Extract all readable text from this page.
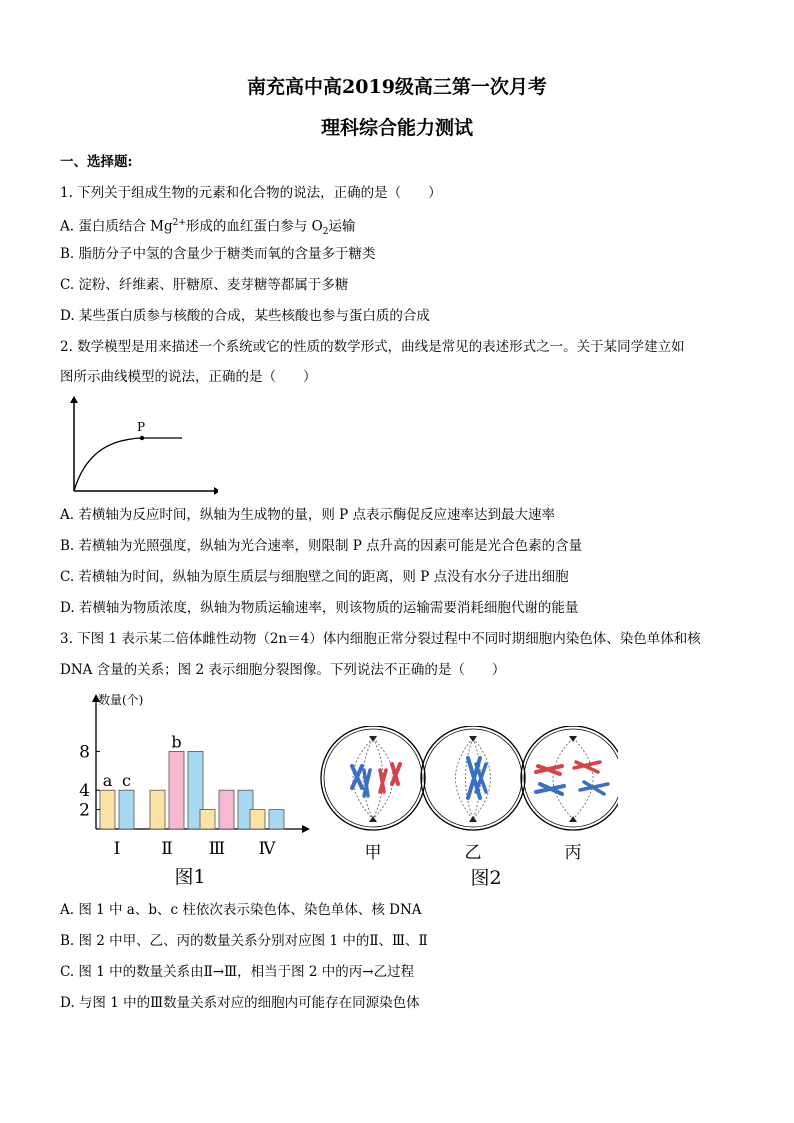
南充高中高2019级高三第一次月考
理科综合能力测试
一、选择题:
1. 下列关于组成生物的元素和化合物的说法，正确的是（　　）
A. 蛋白质结合 $Mg^{2+}$形成的血红蛋白参与 $O_2$运输
B. 脂肪分子中氢的含量少于糖类而氧的含量多于糖类
C. 淀粉、纤维素、肝糖原、麦芽糖等都属于多糖
D. 某些蛋白质参与核酸的合成，某些核酸也参与蛋白质的合成
2. 数学模型是用来描述一个系统或它的性质的数学形式，曲线是常见的表述形式之一。关于某同学建立如
图所示曲线模型的说法，正确的是（　　）
P
A. 若横轴为反应时间，纵轴为生成物的量，则 P 点表示酶促反应速率达到最大速率
B. 若横轴为光照强度，纵轴为光合速率，则限制 P 点升高的因素可能是光合色素的含量
C. 若横轴为时间，纵轴为原生质层与细胞壁之间的距离，则 P 点没有水分子进出细胞
D. 若横轴为物质浓度，纵轴为物质运输速率，则该物质的运输需要消耗细胞代谢的能量
3. 下图 1 表示某二倍体雌性动物（2n＝4）体内细胞正常分裂过程中不同时期细胞内染色体、染色单体和核
DNA 含量的关系；图 2 表示细胞分裂图像。下列说法不正确的是（　　）
数量(个)
2
4
8
a c
Ⅰ
b
Ⅱ Ⅲ Ⅳ
图1
甲	乙	丙
图2
A. 图 1 中 a、b、c 柱依次表示染色体、染色单体、核 DNA
B. 图 2 中甲、乙、丙的数量关系分别对应图 1 中的Ⅱ、Ⅲ、Ⅱ
C. 图 1 中的数量关系由Ⅱ→Ⅲ，相当于图 2 中的丙→乙过程
D. 与图 1 中的Ⅲ数量关系对应的细胞内可能存在同源染色体
